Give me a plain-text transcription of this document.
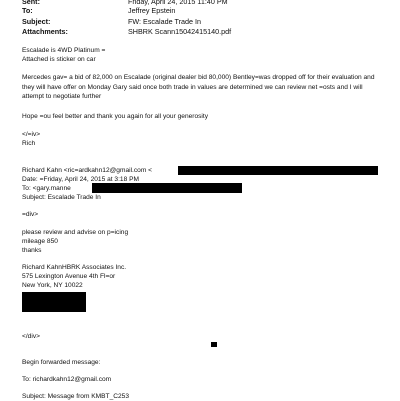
Sent:	Friday, April 24, 2015 11:40 PM
To:	Jeffrey Epstein
Subject:	FW: Escalade Trade In
Attachments:	SHBRK Scann15042415140.pdf
Escalade is 4WD Platinum =
Attached is sticker on car
Mercedes gav= a bid of 82,000 on Escalade (original dealer bid 80,000) Bentley=was dropped off for their evaluation and they will have offer on Monday Gary said once both trade in values are determined we can review net =osts and I will attempt to negotiate further
Hope =ou feel better and thank you again for all your generosity
</=iv>
Rich
Richard Kahn <ric=ardkahn12@gmail.com <
Date: =Friday, April 24, 2015 at 3:18 PM
To: <gary.manne
Subject: Escalade Trade In
=div>
please review and advise on p=icing
mileage 850
thanks
Richard KahnHBRK Associates Inc.
575 Lexington Avenue 4th Fl=or
New York, NY 10022
</div>
Begin forwarded message:
To: richardkahn12@gmail.com
Subject: Message from KMBT_C253
